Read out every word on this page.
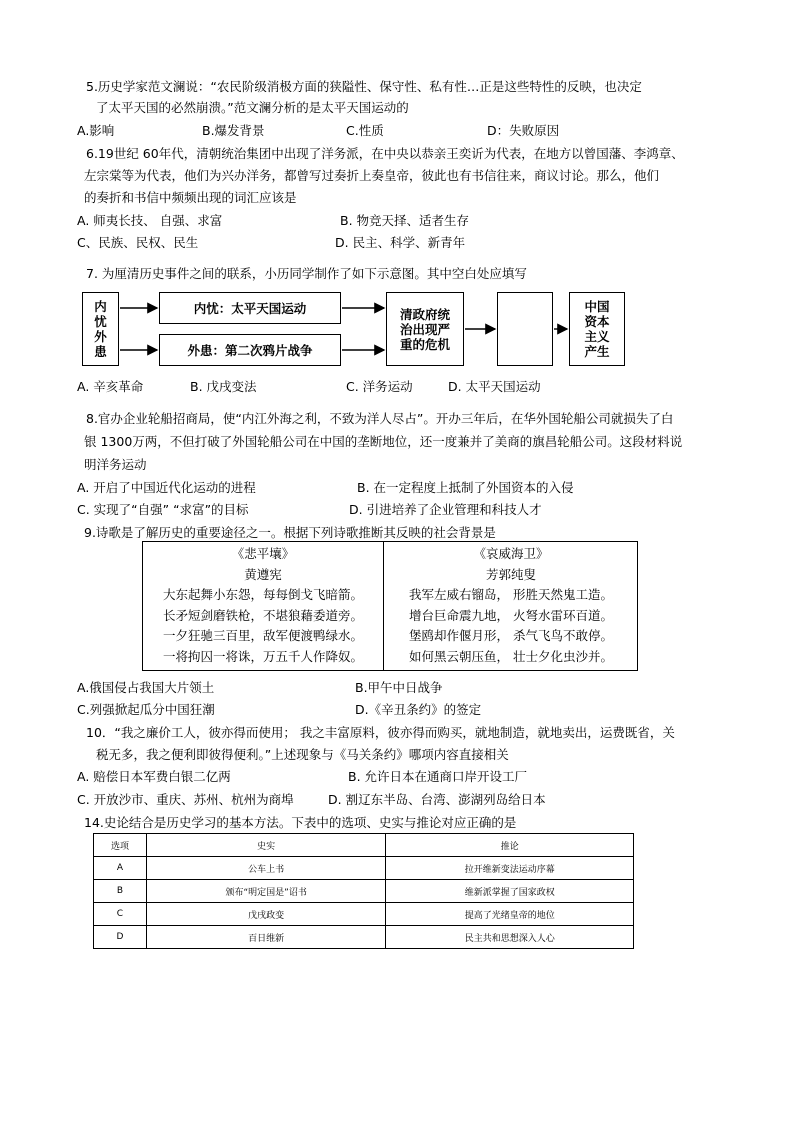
5.历史学家范文澜说：“农民阶级消极方面的狭隘性、保守性、私有性…正是这些特性的反映，也决定
了太平天国的必然崩溃。”范文澜分析的是太平天国运动的
A.影响	B.爆发背景	C.性质	D：失败原因
6.19世纪 60年代，清朝统治集团中出现了洋务派，在中央以恭亲王奕䜣为代表，在地方以曾国藩、李鸿章、
左宗棠等为代表，他们为兴办洋务，都曾写过奏折上奏皇帝，彼此也有书信往来，商议讨论。那么，他们
的奏折和书信中频频出现的词汇应该是
A. 师夷长技、 自强、求富	B. 物竞天择、适者生存
C、民族、民权、民生	D. 民主、科学、新青年
7. 为厘清历史事件之间的联系，小历同学制作了如下示意图。其中空白处应填写
内忧外患
内忧：太平天国运动
外患：第二次鸦片战争
清政府统治出现严重的危机
中国资本主义产生
A. 辛亥革命	B. 戊戌变法	C. 洋务运动	D. 太平天国运动
8.官办企业轮船招商局，使“内江外海之利，不致为洋人尽占”。开办三年后，在华外国轮船公司就损失了白
银 1300万两，不但打破了外国轮船公司在中国的垄断地位，还一度兼并了美商的旗昌轮船公司。这段材料说
明洋务运动
A. 开启了中国近代化运动的进程	B. 在一定程度上抵制了外国资本的入侵
C. 实现了“自强” “求富”的目标	D. 引进培养了企业管理和科技人才
9.诗歌是了解历史的重要途径之一。根据下列诗歌推断其反映的社会背景是
《悲平壤》
黄遵宪
大东起舞小东怨，每每倒戈飞暗箭。
长矛短剑磨铁枪，不堪狼藉委道旁。
一夕狂驰三百里，敌军便渡鸭绿水。
一将拘囚一将诛，万五千人作降奴。
《哀威海卫》
芳郭纯叟
我军左威右镏岛， 形胜天然鬼工造。
增台巨命震九地， 火弩水雷环百道。
堡鸥却作偃月形， 杀气飞鸟不敢停。
如何黑云朝压鱼， 壮士夕化虫沙并。
A.俄国侵占我国大片领土	B.甲午中日战争
C.列强掀起瓜分中国狂潮	D.《辛丑条约》的签定
10．“我之廉价工人，彼亦得而使用； 我之丰富原料，彼亦得而购买，就地制造，就地卖出，运费既省，关
税无多，我之便利即彼得便利。”上述现象与《马关条约》哪项内容直接相关
A. 赔偿日本军费白银二亿两	B. 允许日本在通商口岸开设工厂
C. 开放沙市、重庆、苏州、杭州为商埠	D. 割辽东半岛、台湾、澎湖列岛给日本
14.史论结合是历史学习的基本方法。下表中的选项、史实与推论对应正确的是
选项	史实	推论
A	公车上书	拉开维新变法运动序幕
B	颁布“明定国是”诏书	维新派掌握了国家政权
C	戊戌政变	提高了光绪皇帝的地位
D	百日维新	民主共和思想深入人心
